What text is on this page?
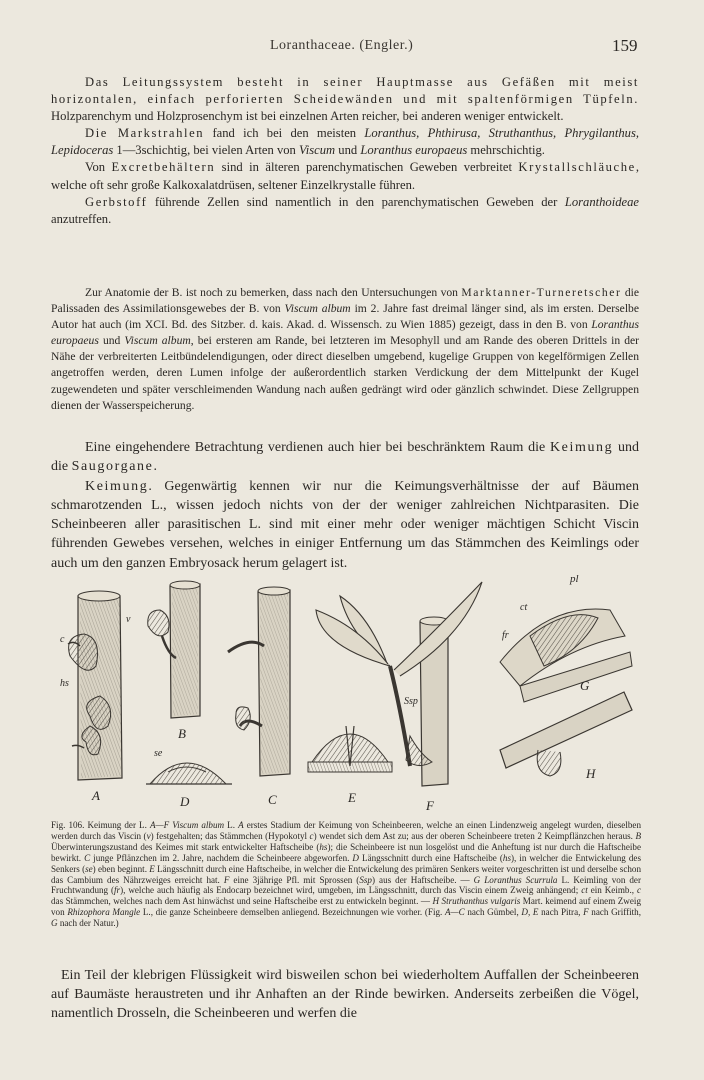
Loranthaceae. (Engler.)	159

Das Leitungssystem besteht in seiner Hauptmasse aus Gefäßen mit meist horizontalen, einfach perforierten Scheidewänden und mit spaltenförmigen Tüpfeln. Holzparenchym und Holzprosenchym ist bei einzelnen Arten reicher, bei anderen weniger entwickelt.

Die Markstrahlen fand ich bei den meisten Loranthus, Phthirusa, Struthanthus, Phrygilanthus, Lepidoceras 1—3schichtig, bei vielen Arten von Viscum und Loranthus europaeus mehrschichtig.

Von Excretbehältern sind in älteren parenchymatischen Geweben verbreitet Krystallschläuche, welche oft sehr große Kalkoxalatdrüsen, seltener Einzelkrystalle führen.

Gerbstoff führende Zellen sind namentlich in den parenchymatischen Geweben der Loranthoideae anzutreffen.

Zur Anatomie der B. ist noch zu bemerken, dass nach den Untersuchungen von Marktanner-Turneretscher die Palissaden des Assimilationsgewebes der B. von Viscum album im 2. Jahre fast dreimal länger sind, als im ersten. Derselbe Autor hat auch (im XCI. Bd. des Sitzber. d. kais. Akad. d. Wissensch. zu Wien 1885) gezeigt, dass in den B. von Loranthus europaeus und Viscum album, bei ersteren am Rande, bei letzteren im Mesophyll und am Rande des oberen Drittels in der Nähe der verbreiterten Leitbündelendigungen, oder direct dieselben umgebend, kugelige Gruppen von kegelförmigen Zellen angetroffen werden, deren Lumen infolge der außerordentlich starken Verdickung der dem Mittelpunkt der Kugel zugewendeten und später verschleimenden Wandung nach außen gedrängt wird oder gänzlich schwindet. Diese Zellgruppen dienen der Wasserspeicherung.

Eine eingehendere Betrachtung verdienen auch hier bei beschränktem Raum die Keimung und die Saugorgane.

Keimung. Gegenwärtig kennen wir nur die Keimungsverhältnisse der auf Bäumen schmarotzenden L., wissen jedoch nichts von der der weniger zahlreichen Nichtparasiten. Die Scheinbeeren aller parasitischen L. sind mit einer mehr oder weniger mächtigen Schicht Viscin führenden Gewebes versehen, welches in einiger Entfernung um das Stämmchen des Keimlings oder auch um den ganzen Embryosack herum gelagert ist.

A
B
D	C	E
F
G
H
c
v
hs
se
Ssp
pl
ct
fr

Fig. 106. Keimung der L. A—F Viscum album L. A erstes Stadium der Keimung von Scheinbeeren, welche an einen Lindenzweig angelegt wurden, dieselben werden durch das Viscin (v) festgehalten; das Stämmchen (Hypokotyl c) wendet sich dem Ast zu; aus der oberen Scheinbeere treten 2 Keimpflänzchen heraus. B Überwinterungszustand des Keimes mit stark entwickelter Haftscheibe (hs); die Scheinbeere ist nun losgelöst und die Anheftung ist nur durch die Haftscheibe bewirkt. C junge Pflänzchen im 2. Jahre, nachdem die Scheinbeere abgeworfen. D Längsschnitt durch eine Haftscheibe (hs), in welcher die Entwickelung des Senkers (se) eben beginnt. E Längsschnitt durch eine Haftscheibe, in welcher die Entwickelung des primären Senkers weiter vorgeschritten ist und derselbe schon das Cambium des Nährzweiges erreicht hat. F eine 3jährige Pfl. mit Sprossen (Ssp) aus der Haftscheibe. — G Loranthus Scurrula L. Keimling von der Fruchtwandung (fr), welche auch häufig als Endocarp bezeichnet wird, umgeben, im Längsschnitt, durch das Viscin einem Zweig anhängend; ct ein Keimb., c das Stämmchen, welches nach dem Ast hinwächst und seine Haftscheibe erst zu entwickeln beginnt. — H Struthanthus vulgaris Mart. keimend auf einem Zweig von Rhizophora Mangle L., die ganze Scheinbeere demselben anliegend. Bezeichnungen wie vorher. (Fig. A—C nach Gümbel, D, E nach Pitra, F nach Griffith, G nach der Natur.)

Ein Teil der klebrigen Flüssigkeit wird bisweilen schon bei wiederholtem Auffallen der Scheinbeeren auf Baumäste heraustreten und ihr Anhaften an der Rinde bewirken. Anderseits zerbeißen die Vögel, namentlich Drosseln, die Scheinbeeren und werfen die
